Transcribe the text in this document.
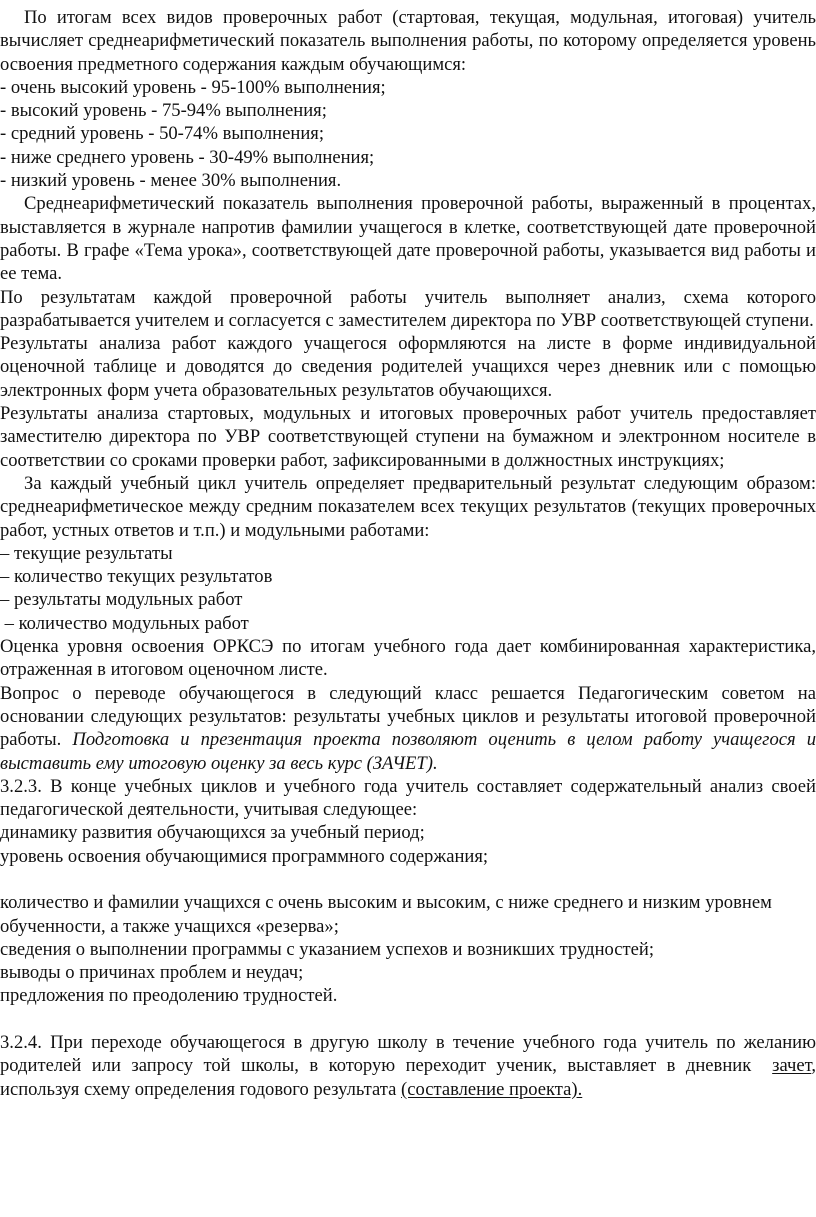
По итогам всех видов проверочных работ (стартовая, текущая, модульная, итоговая) учитель вычисляет среднеарифметический показатель выполнения работы, по которому определяется уровень освоения предметного содержания каждым обучающимся:

- очень высокий уровень - 95-100% выполнения;

- высокий уровень - 75-94% выполнения;

- средний уровень - 50-74% выполнения;

- ниже среднего уровень - 30-49% выполнения;

- низкий уровень - менее 30% выполнения.

Среднеарифметический показатель выполнения проверочной работы, выраженный в процентах, выставляется в журнале напротив фамилии учащегося в клетке, соответствующей дате проверочной работы. В графе «Тема урока», соответствующей дате проверочной работы, указывается вид работы и ее тема.

По результатам каждой проверочной работы учитель выполняет анализ, схема которого разрабатывается учителем и согласуется с заместителем директора по УВР соответствующей ступени.

Результаты анализа работ каждого учащегося оформляются на листе в форме индивидуальной оценочной таблице и доводятся до сведения родителей учащихся через дневник или с помощью электронных форм учета образовательных результатов обучающихся.

Результаты анализа стартовых, модульных и итоговых проверочных работ учитель предоставляет заместителю директора по УВР соответствующей ступени на бумажном и электронном носителе в соответствии со сроками проверки работ, зафиксированными в должностных инструкциях;

За каждый учебный цикл учитель определяет предварительный результат следующим образом: среднеарифметическое между средним показателем всех текущих результатов (текущих проверочных работ, устных ответов и т.п.) и модульными работами:

– текущие результаты

– количество текущих результатов

– результаты модульных работ

– количество модульных работ

Оценка уровня освоения ОРКСЭ по итогам учебного года дает комбинированная характеристика, отраженная в итоговом оценочном листе.

Вопрос о переводе обучающегося в следующий класс решается Педагогическим советом на основании следующих результатов: результаты учебных циклов и результаты итоговой проверочной работы. Подготовка и презентация проекта позволяют оценить в целом работу учащегося и выставить ему итоговую оценку за весь курс (ЗАЧЕТ).

3.2.3. В конце учебных циклов и учебного года учитель составляет содержательный анализ своей педагогической деятельности, учитывая следующее:

динамику развития обучающихся за учебный период;

уровень освоения обучающимися программного содержания;

количество и фамилии учащихся с очень высоким и высоким, с ниже среднего и низким уровнем обученности, а также учащихся «резерва»;

сведения о выполнении программы с указанием успехов и возникших трудностей;

выводы о причинах проблем и неудач;

предложения по преодолению трудностей.

3.2.4. При переходе обучающегося в другую школу в течение учебного года учитель по желанию родителей или запросу той школы, в которую переходит ученик, выставляет в дневник  зачет, используя схему определения годового результата (составление проекта).
